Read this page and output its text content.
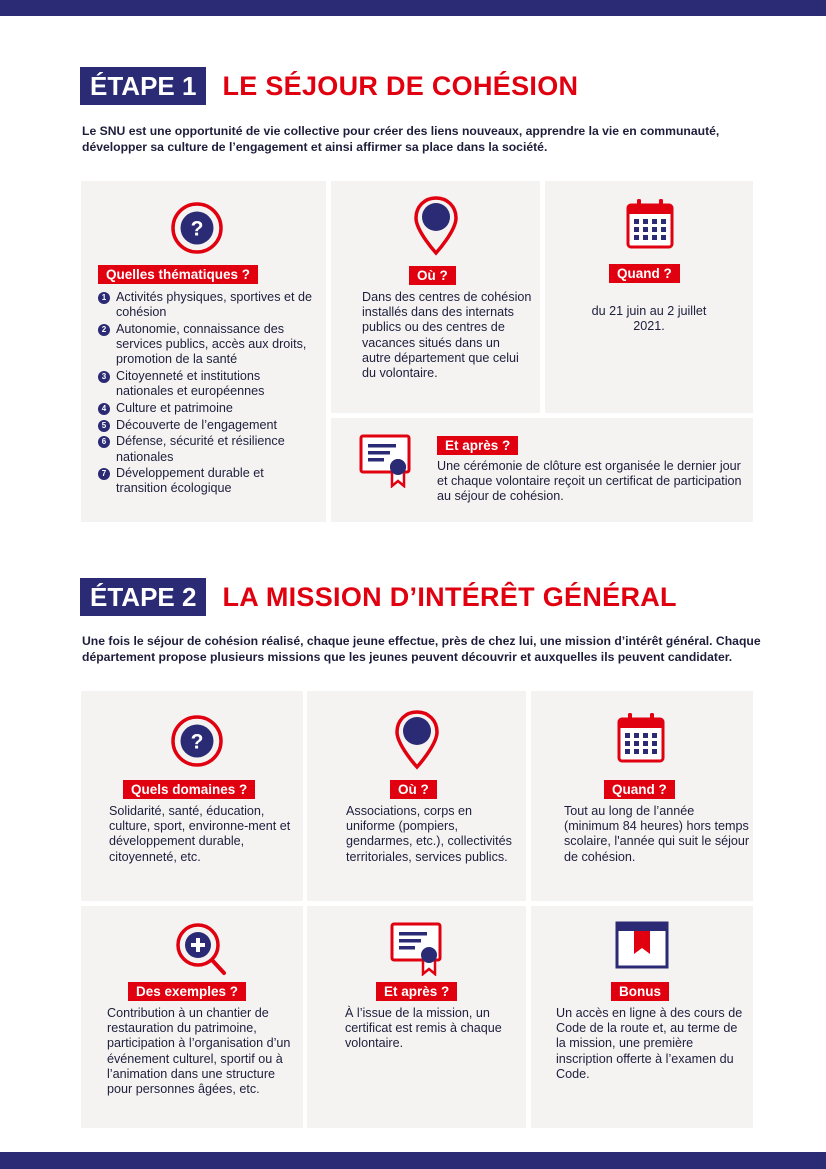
ÉTAPE 1 LE SÉJOUR DE COHÉSION
Le SNU est une opportunité de vie collective pour créer des liens nouveaux, apprendre la vie en communauté, développer sa culture de l’engagement et ainsi affirmer sa place dans la société.
?
Quelles thématiques ?
1 Activités physiques, sportives et de cohésion
2 Autonomie, connaissance des services publics, accès aux droits, promotion de la santé
3 Citoyenneté et institutions nationales et européennes
4 Culture et patrimoine
5 Découverte de l’engagement
6 Défense, sécurité et résilience nationales
7 Développement durable et transition écologique
Où ?
Dans des centres de cohésion installés dans des internats publics ou des centres de vacances situés dans un autre département que celui du volontaire.
Quand ?
du 21 juin au 2 juillet 2021.
Et après ?
Une cérémonie de clôture est organisée le dernier jour et chaque volontaire reçoit un certificat de participation au séjour de cohésion.
ÉTAPE 2 LA MISSION D’INTÉRÊT GÉNÉRAL
Une fois le séjour de cohésion réalisé, chaque jeune effectue, près de chez lui, une mission d’intérêt général. Chaque département propose plusieurs missions que les jeunes peuvent découvrir et auxquelles ils peuvent candidater.
?
Quels domaines ?
Solidarité, santé, éducation, culture, sport, environne-ment et développement durable, citoyenneté, etc.
Où ?
Associations, corps en uniforme (pompiers, gendarmes, etc.), collectivités territoriales, services publics.
Quand ?
Tout au long de l’année (minimum 84 heures) hors temps scolaire, l'année qui suit le séjour de cohésion.
Des exemples ?
Contribution à un chantier de restauration du patrimoine, participation à l’organisation d’un événement culturel, sportif ou à l’animation dans une structure pour personnes âgées, etc.
Et après ?
À l’issue de la mission, un certificat est remis à chaque volontaire.
Bonus
Un accès en ligne à des cours de Code de la route et, au terme de la mission, une première inscription offerte à l’examen du Code.
